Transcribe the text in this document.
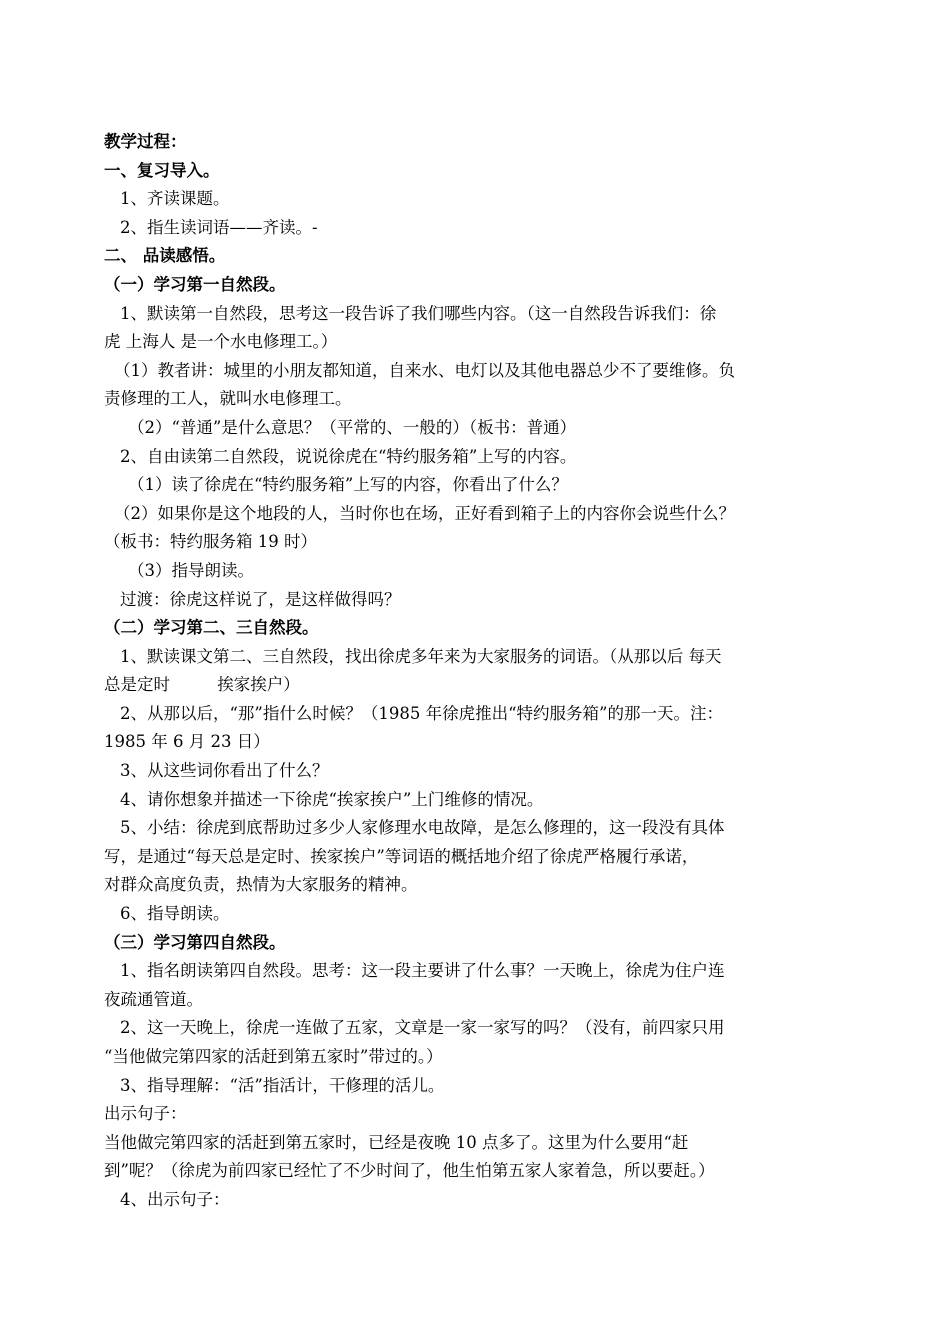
教学过程：
一、复习导入。
1、齐读课题。
2、指生读词语——齐读。-
二、 品读感悟。
（一）学习第一自然段。
1、默读第一自然段，思考这一段告诉了我们哪些内容。（这一自然段告诉我们：徐
虎 上海人 是一个水电修理工。）
（1）教者讲：城里的小朋友都知道，自来水、电灯以及其他电器总少不了要维修。负
责修理的工人，就叫水电修理工。
（2）“普通”是什么意思？（平常的、一般的）（板书：普通）
2、自由读第二自然段，说说徐虎在“特约服务箱”上写的内容。
（1）读了徐虎在“特约服务箱”上写的内容，你看出了什么？
（2）如果你是这个地段的人，当时你也在场，正好看到箱子上的内容你会说些什么？
（板书：特约服务箱 19 时）
（3）指导朗读。
过渡：徐虎这样说了，是这样做得吗？
（二）学习第二、三自然段。
1、默读课文第二、三自然段，找出徐虎多年来为大家服务的词语。（从那以后 每天
总是定时         挨家挨户）
2、从那以后，“那”指什么时候？（1985 年徐虎推出“特约服务箱”的那一天。注：
1985 年 6 月 23 日）
3、从这些词你看出了什么？
4、请你想象并描述一下徐虎“挨家挨户”上门维修的情况。
5、小结：徐虎到底帮助过多少人家修理水电故障，是怎么修理的，这一段没有具体
写，是通过“每天总是定时、挨家挨户”等词语的概括地介绍了徐虎严格履行承诺，
对群众高度负责，热情为大家服务的精神。
6、指导朗读。
（三）学习第四自然段。
1、指名朗读第四自然段。思考：这一段主要讲了什么事？一天晚上，徐虎为住户连
夜疏通管道。
2、这一天晚上，徐虎一连做了五家，文章是一家一家写的吗？（没有，前四家只用
“当他做完第四家的活赶到第五家时”带过的。）
3、指导理解：“活”指活计，干修理的活儿。
出示句子：
当他做完第四家的活赶到第五家时，已经是夜晚 10 点多了。这里为什么要用“赶
到”呢？（徐虎为前四家已经忙了不少时间了，他生怕第五家人家着急，所以要赶。）
4、出示句子：
